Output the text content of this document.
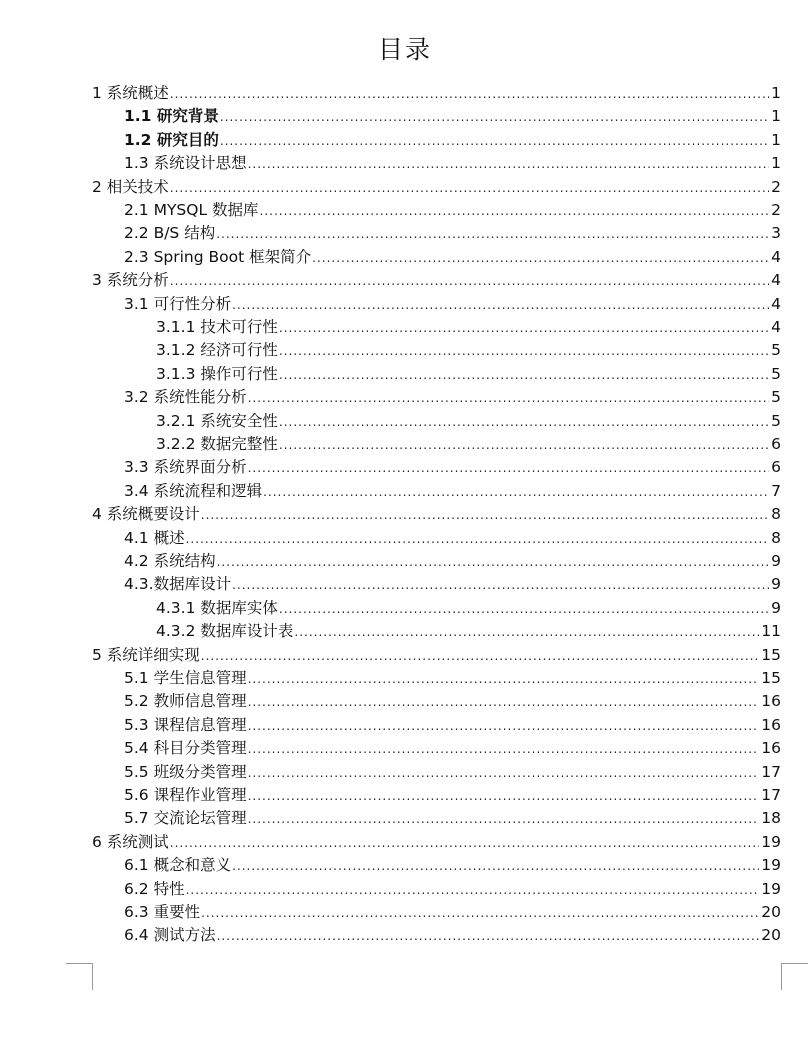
目录
1 系统概述 .....	1
1.1 研究背景 .....	1
1.2 研究目的 .....	1
1.3 系统设计思想 .....	1
2 相关技术 .....	2
2.1 MYSQL 数据库 .....	2
2.2 B/S 结构 .....	3
2.3 Spring Boot 框架简介 .....	4
3 系统分析 .....	4
3.1 可行性分析 .....	4
3.1.1 技术可行性 .....	4
3.1.2 经济可行性 .....	5
3.1.3 操作可行性 .....	5
3.2 系统性能分析 .....	5
3.2.1 系统安全性 .....	5
3.2.2 数据完整性 .....	6
3.3 系统界面分析 .....	6
3.4 系统流程和逻辑 .....	7
4 系统概要设计 .....	8
4.1 概述 .....	8
4.2 系统结构 .....	9
4.3.数据库设计 .....	9
4.3.1 数据库实体 .....	9
4.3.2 数据库设计表 .....	11
5 系统详细实现 .....	15
5.1 学生信息管理 .....	15
5.2 教师信息管理 .....	16
5.3 课程信息管理 .....	16
5.4 科目分类管理 .....	16
5.5 班级分类管理 .....	17
5.6 课程作业管理 .....	17
5.7 交流论坛管理 .....	18
6 系统测试 .....	19
6.1 概念和意义 .....	19
6.2 特性 .....	19
6.3 重要性 .....	20
6.4 测试方法 .....	20
